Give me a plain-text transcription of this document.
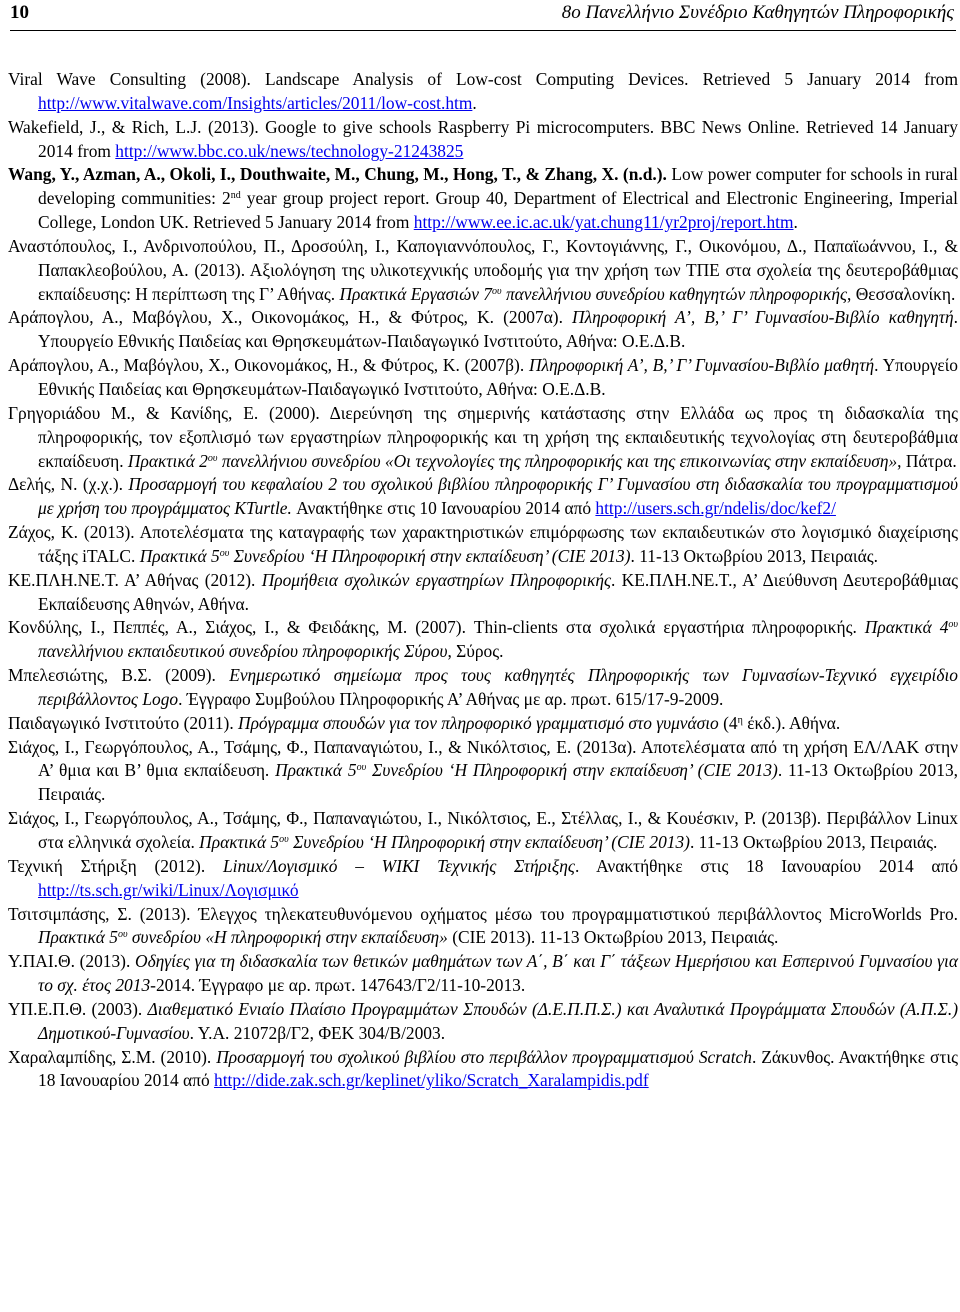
10	8ο Πανελλήνιο Συνέδριο Καθηγητών Πληροφορικής

Viral Wave Consulting (2008). Landscape Analysis of Low-cost Computing Devices. Retrieved 5 January 2014 from http://www.vitalwave.com/Insights/articles/2011/low-cost.htm.

Wakefield, J., & Rich, L.J. (2013). Google to give schools Raspberry Pi microcomputers. BBC News Online. Retrieved 14 January 2014 from http://www.bbc.co.uk/news/technology-21243825

Wang, Y., Azman, A., Okoli, I., Douthwaite, M., Chung, M., Hong, T., & Zhang, X. (n.d.). Low power computer for schools in rural developing communities: 2nd year group project report. Group 40, Department of Electrical and Electronic Engineering, Imperial College, London UK. Retrieved 5 January 2014 from http://www.ee.ic.ac.uk/yat.chung11/yr2proj/report.htm.

Αναστόπουλος, Ι., Ανδρινοπούλου, Π., Δροσούλη, Ι., Καπογιαννόπουλος, Γ., Κοντογιάννης, Γ., Οικονόμου, Δ., Παπαϊωάννου, Ι., & Παπακλεοβούλου, Α. (2013). Αξιολόγηση της υλικοτεχνικής υποδομής για την χρήση των ΤΠΕ στα σχολεία της δευτεροβάθμιας εκπαίδευσης: Η περίπτωση της Γ’ Αθήνας. Πρακτικά Εργασιών $7^{o\upsilon}$ πανελλήνιου συνεδρίου καθηγητών πληροφορικής, Θεσσαλονίκη.

Αράπογλου, Α., Μαβόγλου, Χ., Οικονομάκος, Η., & Φύτρος, Κ. (2007α). Πληροφορική Α’, Β,’ Γ’ Γυμνασίου-Βιβλίο καθηγητή. Υπουργείο Εθνικής Παιδείας και Θρησκευμάτων-Παιδαγωγικό Ινστιτούτο, Αθήνα: Ο.Ε.Δ.Β.

Αράπογλου, Α., Μαβόγλου, Χ., Οικονομάκος, Η., & Φύτρος, Κ. (2007β). Πληροφορική Α’, Β,’ Γ’ Γυμνασίου-Βιβλίο μαθητή. Υπουργείο Εθνικής Παιδείας και Θρησκευμάτων-Παιδαγωγικό Ινστιτούτο, Αθήνα: Ο.Ε.Δ.Β.

Γρηγοριάδου Μ., & Κανίδης, Ε. (2000). Διερεύνηση της σημερινής κατάστασης στην Ελλάδα ως προς τη διδασκαλία της πληροφορικής, τον εξοπλισμό των εργαστηρίων πληροφορικής και τη χρήση της εκπαιδευτικής τεχνολογίας στη δευτεροβάθμια εκπαίδευση. Πρακτικά $2^{o\upsilon}$ πανελλήνιου συνεδρίου «Οι τεχνολογίες της πληροφορικής και της επικοινωνίας στην εκπαίδευση», Πάτρα.

Δελής, Ν. (χ.χ.). Προσαρμογή του κεφαλαίου 2 του σχολικού βιβλίου πληροφορικής Γ’ Γυμνασίου στη διδασκαλία του προγραμματισμού με χρήση του προγράμματος KTurtle. Ανακτήθηκε στις 10 Ιανουαρίου 2014 από http://users.sch.gr/ndelis/doc/kef2/

Ζάχος, Κ. (2013). Αποτελέσματα της καταγραφής των χαρακτηριστικών επιμόρφωσης των εκπαιδευτικών στο λογισμικό διαχείρισης τάξης iTALC. Πρακτικά $5^{o\upsilon}$ Συνεδρίου ‘Η Πληροφορική στην εκπαίδευση’ (CIE 2013). 11-13 Οκτωβρίου 2013, Πειραιάς.

ΚΕ.ΠΛΗ.ΝΕ.Τ. Α’ Αθήνας (2012). Προμήθεια σχολικών εργαστηρίων Πληροφορικής. ΚΕ.ΠΛΗ.ΝΕ.Τ., Α’ Διεύθυνση Δευτεροβάθμιας Εκπαίδευσης Αθηνών, Αθήνα.

Κονδύλης, Ι., Πεππές, Α., Σιάχος, Ι., & Φειδάκης, Μ. (2007). Thin-clients στα σχολικά εργαστήρια πληροφορικής. Πρακτικά $4^{o\upsilon}$ πανελλήνιου εκπαιδευτικού συνεδρίου πληροφορικής Σύρου, Σύρος.

Μπελεσιώτης, Β.Σ. (2009). Ενημερωτικό σημείωμα προς τους καθηγητές Πληροφορικής των Γυμνασίων-Τεχνικό εγχειρίδιο περιβάλλοντος Logo. Έγγραφο Συμβούλου Πληροφορικής Α’ Αθήνας με αρ. πρωτ. 615/17-9-2009.

Παιδαγωγικό Ινστιτούτο (2011). Πρόγραμμα σπουδών για τον πληροφορικό γραμματισμό στο γυμνάσιο ($4^\eta$ έκδ.). Αθήνα.

Σιάχος, Ι., Γεωργόπουλος, Α., Τσάμης, Φ., Παπαναγιώτου, Ι., & Νικόλτσιος, Ε. (2013α). Αποτελέσματα από τη χρήση ΕΛ/ΛΑΚ στην Α’ θμια και Β’ θμια εκπαίδευση. Πρακτικά $5^{o\upsilon}$ Συνεδρίου ‘Η Πληροφορική στην εκπαίδευση’ (CIE 2013). 11-13 Οκτωβρίου 2013, Πειραιάς.

Σιάχος, Ι., Γεωργόπουλος, Α., Τσάμης, Φ., Παπαναγιώτου, Ι., Νικόλτσιος, Ε., Στέλλας, Ι., & Κουέσκιν, Ρ. (2013β). Περιβάλλον Linux στα ελληνικά σχολεία. Πρακτικά $5^{o\upsilon}$ Συνεδρίου ‘Η Πληροφορική στην εκπαίδευση’ (CIE 2013). 11-13 Οκτωβρίου 2013, Πειραιάς.

Τεχνική Στήριξη (2012). Linux/Λογισμικό – WIKI Τεχνικής Στήριξης. Ανακτήθηκε στις 18 Ιανουαρίου 2014 από http://ts.sch.gr/wiki/Linux/Λογισμικό

Τσιτσιμπάσης, Σ. (2013). Έλεγχος τηλεκατευθυνόμενου οχήματος μέσω του προγραμματιστικού περιβάλλοντος MicroWorlds Pro. Πρακτικά $5^{o\upsilon}$ συνεδρίου «Η πληροφορική στην εκπαίδευση» (CIE 2013). 11-13 Οκτωβρίου 2013, Πειραιάς.

Υ.ΠΑΙ.Θ. (2013). Οδηγίες για τη διδασκαλία των θετικών μαθημάτων των Α΄, Β΄ και Γ΄ τάξεων Ημερήσιου και Εσπερινού Γυμνασίου για το σχ. έτος 2013-2014. Έγγραφο με αρ. πρωτ. 147643/Γ2/11-10-2013.

ΥΠ.Ε.Π.Θ. (2003). Διαθεματικό Ενιαίο Πλαίσιο Προγραμμάτων Σπουδών (Δ.Ε.Π.Π.Σ.) και Αναλυτικά Προγράμματα Σπουδών (Α.Π.Σ.) Δημοτικού-Γυμνασίου. Υ.Α. 21072β/Γ2, ΦΕΚ 304/Β/2003.

Χαραλαμπίδης, Σ.Μ. (2010). Προσαρμογή του σχολικού βιβλίου στο περιβάλλον προγραμματισμού Scratch. Ζάκυνθος. Ανακτήθηκε στις 18 Ιανουαρίου 2014 από http://dide.zak.sch.gr/keplinet/yliko/Scratch_Xaralampidis.pdf
